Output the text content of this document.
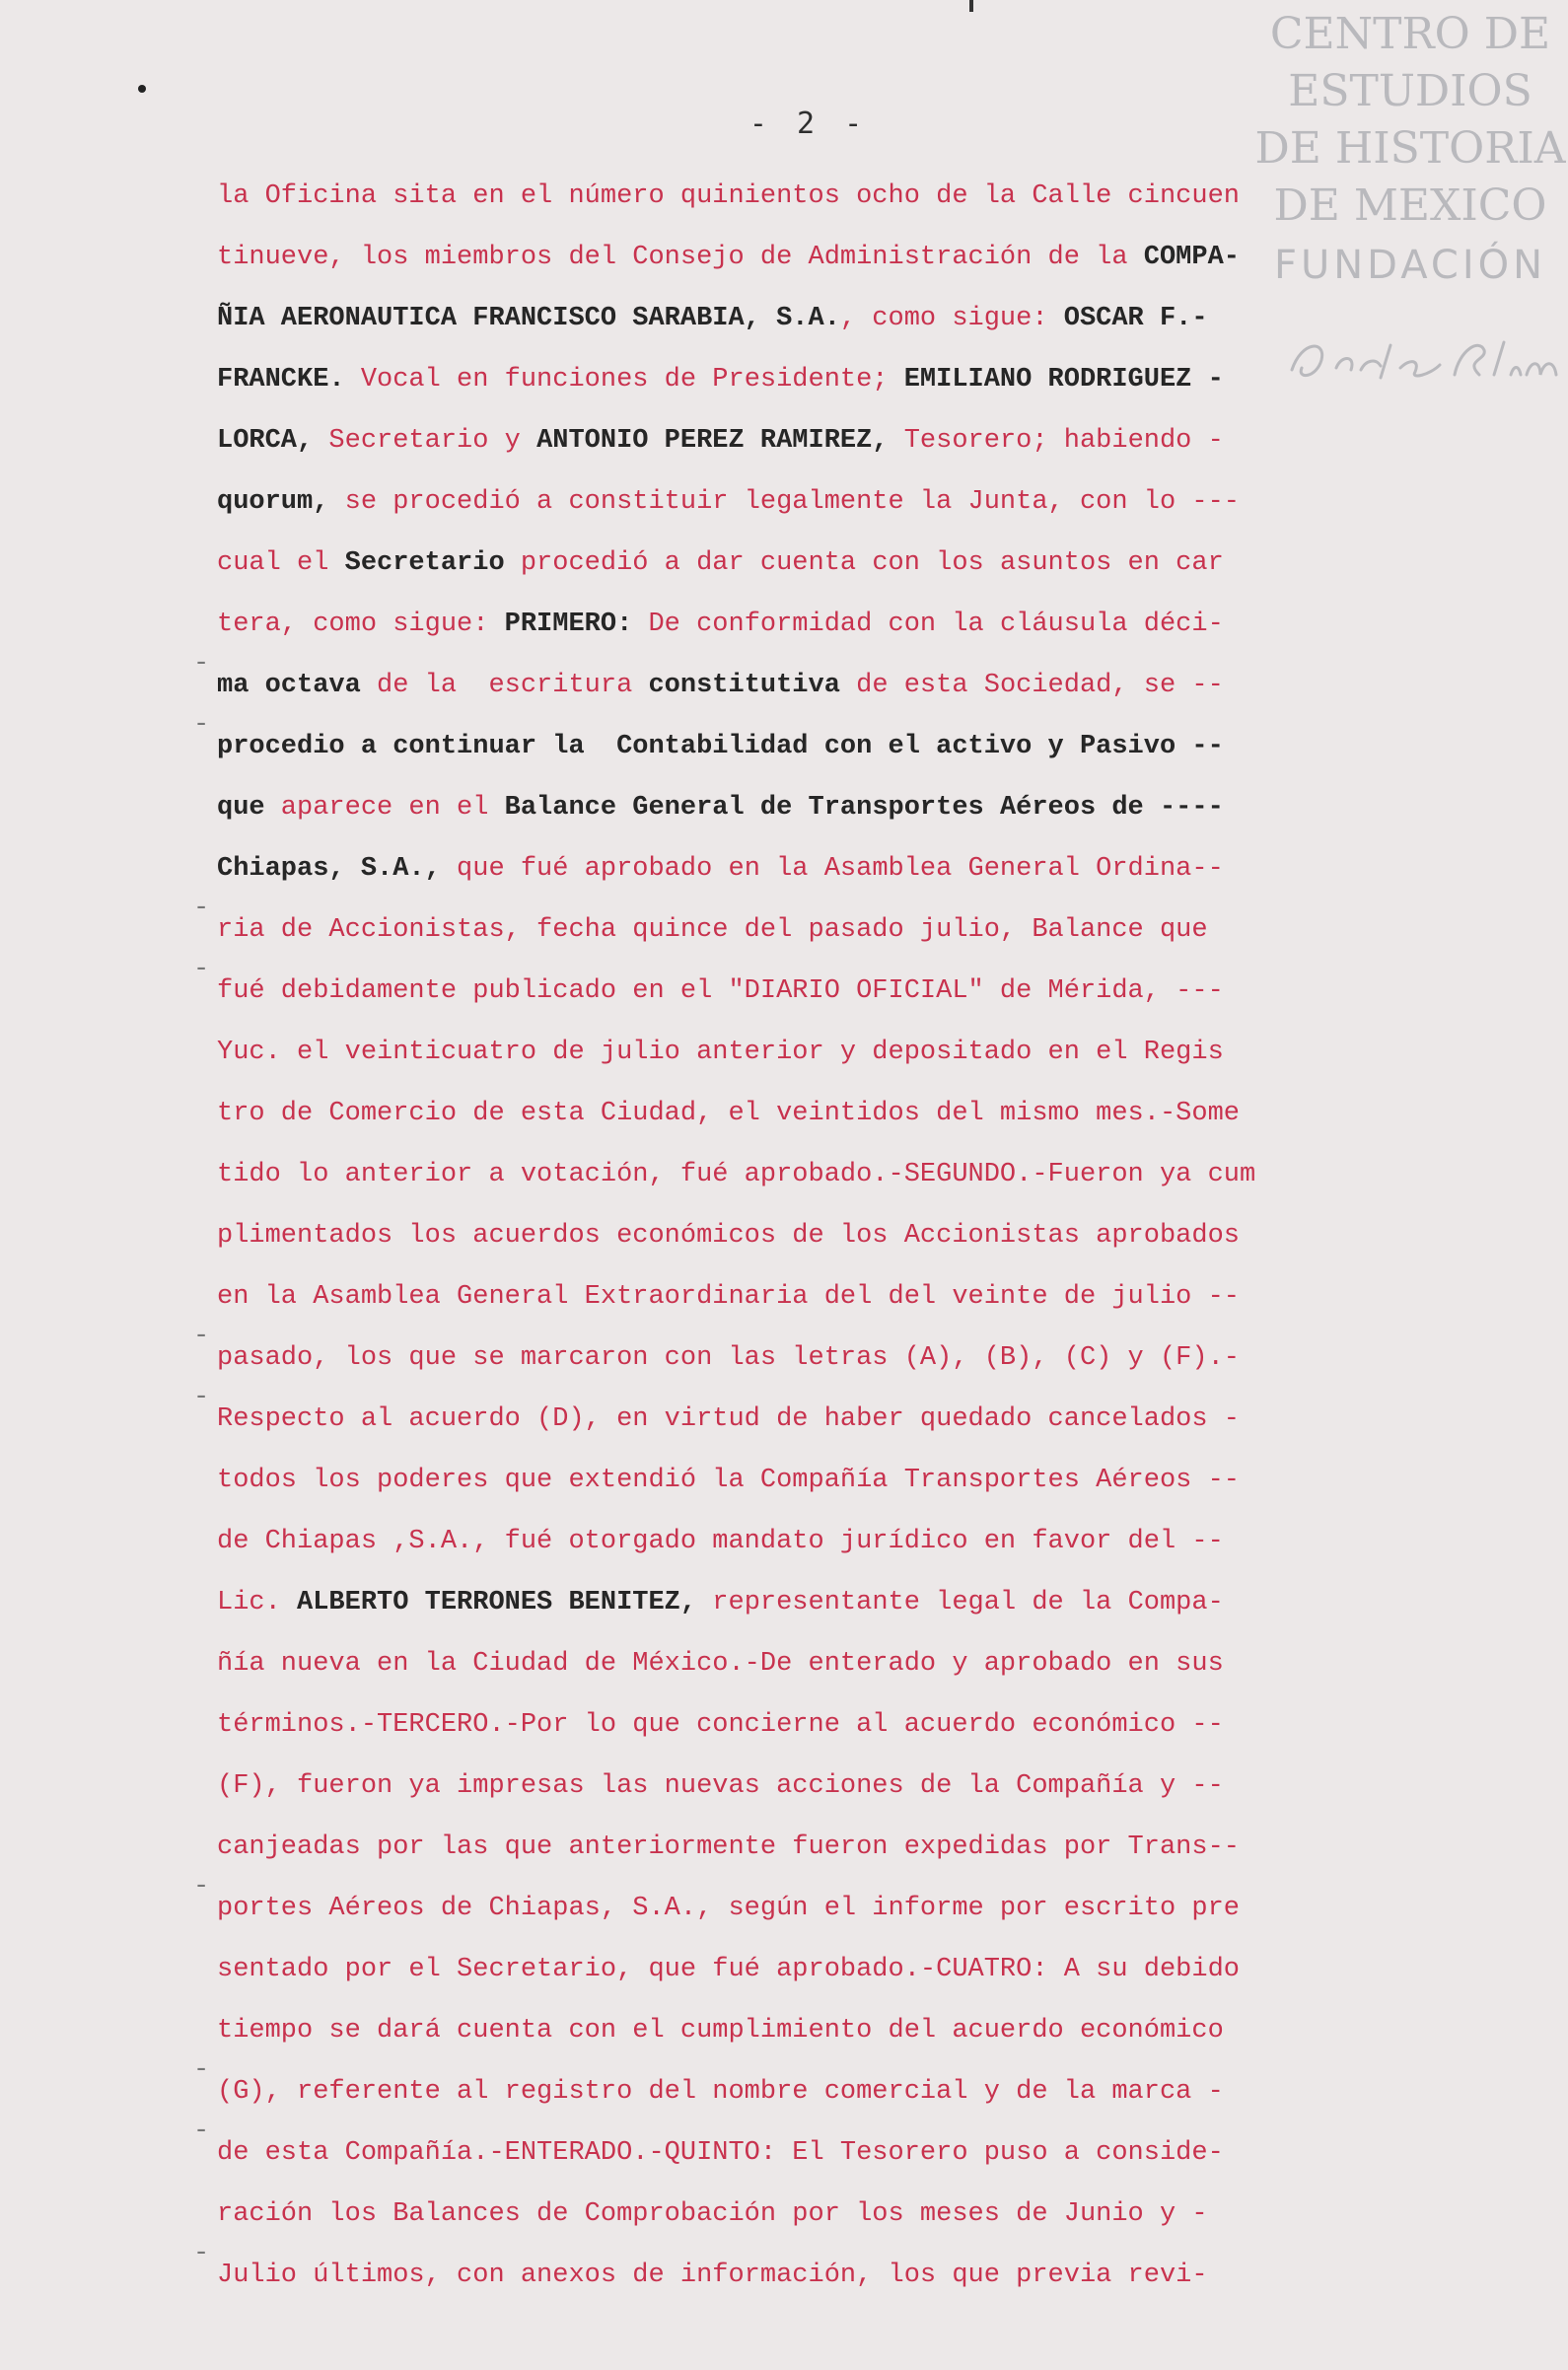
CENTRO DE
ESTUDIOS
DE HISTORIA
DE MEXICO
FUNDACIÓN
- 2 -
-
-
-
-
-
-
-
-
-
-
la Oficina sita en el número quinientos ocho de la Calle cincuen
tinueve, los miembros del Consejo de Administración de la COMPA-
ÑIA AERONAUTICA FRANCISCO SARABIA, S.A., como sigue: OSCAR F.-
FRANCKE. Vocal en funciones de Presidente; EMILIANO RODRIGUEZ -
LORCA, Secretario y ANTONIO PEREZ RAMIREZ, Tesorero; habiendo -
quorum, se procedió a constituir legalmente la Junta, con lo ---
cual el Secretario procedió a dar cuenta con los asuntos en car
tera, como sigue: PRIMERO: De conformidad con la cláusula déci-
ma octava de la  escritura constitutiva de esta Sociedad, se --
procedio a continuar la  Contabilidad con el activo y Pasivo --
que aparece en el Balance General de Transportes Aéreos de ----
Chiapas, S.A., que fué aprobado en la Asamblea General Ordina--
ria de Accionistas, fecha quince del pasado julio, Balance que
fué debidamente publicado en el "DIARIO OFICIAL" de Mérida, ---
Yuc. el veinticuatro de julio anterior y depositado en el Regis
tro de Comercio de esta Ciudad, el veintidos del mismo mes.-Some
tido lo anterior a votación, fué aprobado.-SEGUNDO.-Fueron ya cum
plimentados los acuerdos económicos de los Accionistas aprobados
en la Asamblea General Extraordinaria del del veinte de julio --
pasado, los que se marcaron con las letras (A), (B), (C) y (F).-
Respecto al acuerdo (D), en virtud de haber quedado cancelados -
todos los poderes que extendió la Compañía Transportes Aéreos --
de Chiapas ,S.A., fué otorgado mandato jurídico en favor del --
Lic. ALBERTO TERRONES BENITEZ, representante legal de la Compa-
ñía nueva en la Ciudad de México.-De enterado y aprobado en sus
términos.-TERCERO.-Por lo que concierne al acuerdo económico --
(F), fueron ya impresas las nuevas acciones de la Compañía y --
canjeadas por las que anteriormente fueron expedidas por Trans--
portes Aéreos de Chiapas, S.A., según el informe por escrito pre
sentado por el Secretario, que fué aprobado.-CUATRO: A su debido
tiempo se dará cuenta con el cumplimiento del acuerdo económico
(G), referente al registro del nombre comercial y de la marca -
de esta Compañía.-ENTERADO.-QUINTO: El Tesorero puso a conside-
ración los Balances de Comprobación por los meses de Junio y -
Julio últimos, con anexos de información, los que previa revi-
